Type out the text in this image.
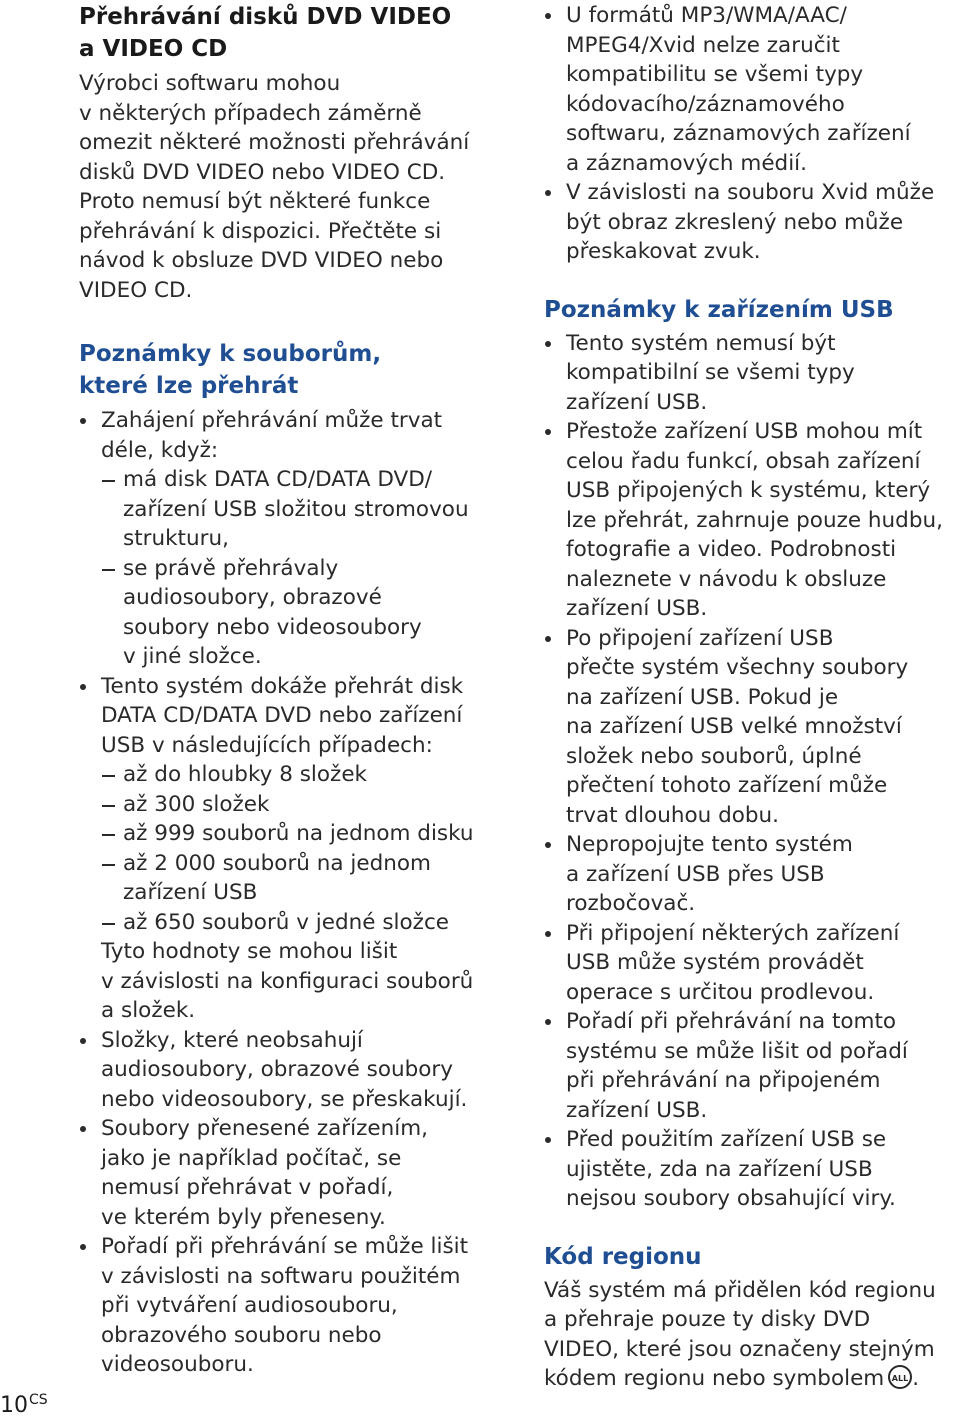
Přehrávání disků DVD VIDEO
a VIDEO CD

Výrobci softwaru mohou
v některých případech záměrně
omezit některé možnosti přehrávání
disků DVD VIDEO nebo VIDEO CD.
Proto nemusí být některé funkce
přehrávání k dispozici. Přečtěte si
návod k obsluze DVD VIDEO nebo
VIDEO CD.

Poznámky k souborům,
které lze přehrát
Zahájení přehrávání může trvat
déle, když:
má disk DATA CD/DATA DVD/
zařízení USB složitou stromovou
strukturu,
se právě přehrávaly
audiosoubory, obrazové
soubory nebo videosoubory
v jiné složce.
Tento systém dokáže přehrát disk
DATA CD/DATA DVD nebo zařízení
USB v následujících případech:
až do hloubky 8 složek
až 300 složek
až 999 souborů na jednom disku
až 2 000 souborů na jednom
zařízení USB
až 650 souborů v jedné složce
Tyto hodnoty se mohou lišit
v závislosti na konfiguraci souborů
a složek.
Složky, které neobsahují
audiosoubory, obrazové soubory
nebo videosoubory, se přeskakují.
Soubory přenesené zařízením,
jako je například počítač, se
nemusí přehrávat v pořadí,
ve kterém byly přeneseny.
Pořadí při přehrávání se může lišit
v závislosti na softwaru použitém
při vytváření audiosouboru,
obrazového souboru nebo
videosouboru.
U formátů MP3/WMA/AAC/
MPEG4/Xvid nelze zaručit
kompatibilitu se všemi typy
kódovacího/záznamového
softwaru, záznamových zařízení
a záznamových médií.
V závislosti na souboru Xvid může
být obraz zkreslený nebo může
přeskakovat zvuk.
Poznámky k zařízením USB
Tento systém nemusí být
kompatibilní se všemi typy
zařízení USB.
Přestože zařízení USB mohou mít
celou řadu funkcí, obsah zařízení
USB připojených k systému, který
lze přehrát, zahrnuje pouze hudbu,
fotografie a video. Podrobnosti
naleznete v návodu k obsluze
zařízení USB.
Po připojení zařízení USB
přečte systém všechny soubory
na zařízení USB. Pokud je
na zařízení USB velké množství
složek nebo souborů, úplné
přečtení tohoto zařízení může
trvat dlouhou dobu.
Nepropojujte tento systém
a zařízení USB přes USB
rozbočovač.
Při připojení některých zařízení
USB může systém provádět
operace s určitou prodlevou.
Pořadí při přehrávání na tomto
systému se může lišit od pořadí
při přehrávání na připojeném
zařízení USB.
Před použitím zařízení USB se
ujistěte, zda na zařízení USB
nejsou soubory obsahující viry.
Kód regionu

Váš systém má přidělen kód regionu
a přehraje pouze ty disky DVD
VIDEO, které jsou označeny stejným
kódem regionu nebo symbolem ALL .

$10^{CS}$
